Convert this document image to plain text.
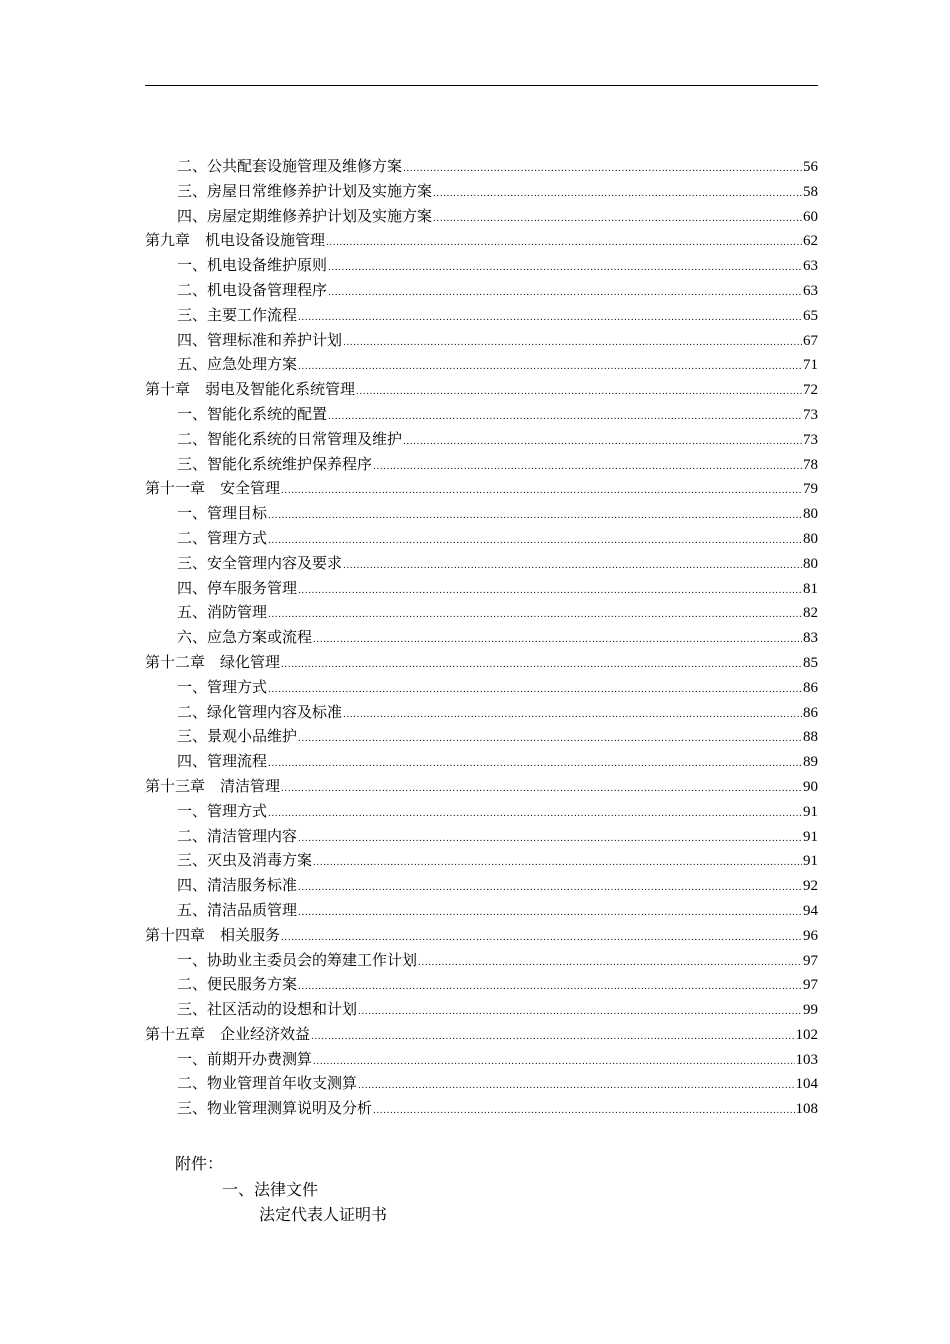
二、公共配套设施管理及维修方案 .....	56
三、房屋日常维修养护计划及实施方案 .....	58
四、房屋定期维修养护计划及实施方案 .....	60
第九章　机电设备设施管理 .....	62
一、机电设备维护原则 .....	63
二、机电设备管理程序 .....	63
三、主要工作流程 .....	65
四、管理标准和养护计划 .....	67
五、应急处理方案 .....	71
第十章　弱电及智能化系统管理 .....	72
一、智能化系统的配置 .....	73
二、智能化系统的日常管理及维护 .....	73
三、智能化系统维护保养程序 .....	78
第十一章　安全管理 .....	79
一、管理目标 .....	80
二、管理方式 .....	80
三、安全管理内容及要求 .....	80
四、停车服务管理 .....	81
五、消防管理 .....	82
六、应急方案或流程 .....	83
第十二章　绿化管理 .....	85
一、管理方式 .....	86
二、绿化管理内容及标准 .....	86
三、景观小品维护 .....	88
四、管理流程 .....	89
第十三章　清洁管理 .....	90
一、管理方式 .....	91
二、清洁管理内容 .....	91
三、灭虫及消毒方案 .....	91
四、清洁服务标准 .....	92
五、清洁品质管理 .....	94
第十四章　相关服务 .....	96
一、协助业主委员会的筹建工作计划 .....	97
二、便民服务方案 .....	97
三、社区活动的设想和计划 .....	99
第十五章　企业经济效益 .....	102
一、前期开办费测算 .....	103
二、物业管理首年收支测算 .....	104
三、物业管理测算说明及分析 .....	108
附件：
一、法律文件
法定代表人证明书
